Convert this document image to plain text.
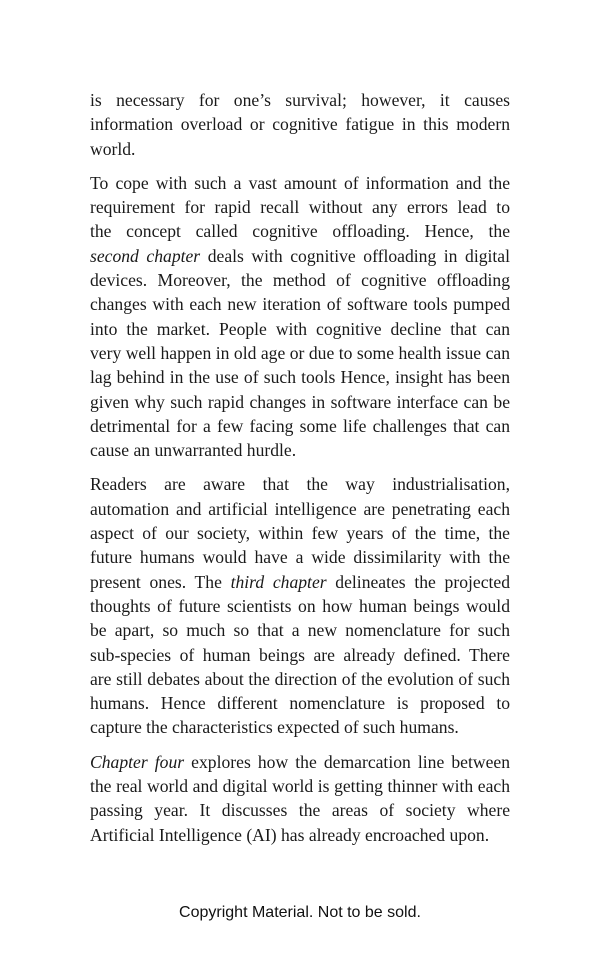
is necessary for one’s survival; however, it causes
information overload or cognitive fatigue in this modern
world.
To cope with such a vast amount of information and the
requirement for rapid recall without any errors lead to
the concept called cognitive offloading. Hence, the
second chapter deals with cognitive offloading in digital
devices. Moreover, the method of cognitive offloading
changes with each new iteration of software tools pumped
into the market. People with cognitive decline that can
very well happen in old age or due to some health issue can
lag behind in the use of such tools Hence, insight has been
given why such rapid changes in software interface can be
detrimental for a few facing some life challenges that can
cause an unwarranted hurdle.
Readers are aware that the way industrialisation,
automation and artificial intelligence are penetrating each
aspect of our society, within few years of the time, the
future humans would have a wide dissimilarity with the
present ones. The third chapter delineates the projected
thoughts of future scientists on how human beings would
be apart, so much so that a new nomenclature for such
sub-species of human beings are already defined. There
are still debates about the direction of the evolution of such
humans. Hence different nomenclature is proposed to
capture the characteristics expected of such humans.
Chapter four explores how the demarcation line between
the real world and digital world is getting thinner with each
passing year. It discusses the areas of society where
Artificial Intelligence (AI) has already encroached upon.
Copyright Material. Not to be sold.
